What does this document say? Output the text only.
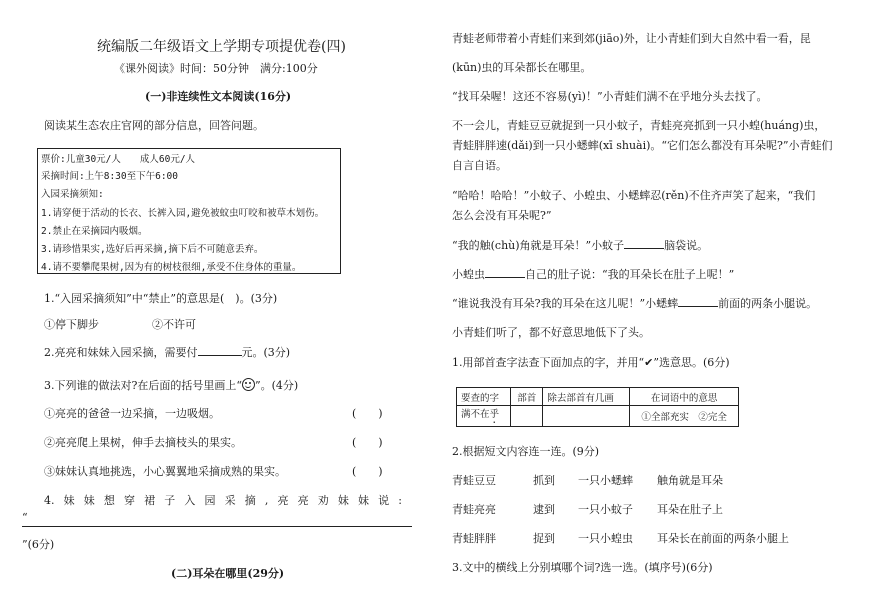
统编版二年级语文上学期专项提优卷(四)
《课外阅读》时间：50分钟　满分:100分
(一)非连续性文本阅读(16分)
阅读某生态农庄官网的部分信息，回答问题。
票价:儿童30元/人　　成人60元/人
采摘时间:上午8:30至下午6:00
入园采摘须知:
1.请穿便于活动的长衣、长裤入园,避免被蚊虫叮咬和被草木划伤。
2.禁止在采摘园内吸烟。
3.请珍惜果实,选好后再采摘,摘下后不可随意丢弃。
4.请不要攀爬果树,因为有的树枝很细,承受不住身体的重量。
1.“入园采摘须知”中“禁止”的意思是(　)。(3分)
①停下脚步	②不许可
2.亮亮和妹妹入园采摘，需要付	元。(3分)
3.下列谁的做法对?在后面的括号里画上“ ”。(4分)
①亮亮的爸爸一边采摘，一边吸烟。	(　　)
②亮亮爬上果树，伸手去摘枝头的果实。	(　　)
③妹妹认真地挑选，小心翼翼地采摘成熟的果实。	(　　)
4. 妹 妹 想 穿 裙 子 入 园 采 摘 , 亮 亮 劝 妹 妹 说 :
“
”(6分)
(二)耳朵在哪里(29分)
青蛙老师带着小青蛙们来到郊(jiāo)外，让小青蛙们到大自然中看一看，昆
(kūn)虫的耳朵都长在哪里。
“找耳朵喔！这还不容易(yì)！”小青蛙们满不在乎地分头去找了。
不一会儿，青蛙豆豆就捉到一只小蚊子，青蛙亮亮抓到一只小蝗(huáng)虫，
青蛙胖胖速(dǎi)到一只小蟋蟀(xī shuài)。“它们怎么都没有耳朵呢?”小青蛙们
自言自语。
“哈哈！哈哈！”小蚊子、小蝗虫、小蟋蟀忍(rěn)不住齐声笑了起来，“我们
怎么会没有耳朵呢?”
“我的触(chù)角就是耳朵！”小蚊子	脑袋说。
小蝗虫	自己的肚子说：“我的耳朵长在肚子上呢！”
“谁说我没有耳朵?我的耳朵在这儿呢！”小蟋蟀	前面的两条小腿说。
小青蛙们听了，都不好意思地低下了头。
1.用部首查字法查下面加点的字，并用“✔”选意思。(6分)
要查的字	部首	除去部首有几画	在词语中的意思
满不在乎			①全部充实　 ②完全
2.根据短文内容连一连。(9分)
青蛙豆豆	抓到 一只小蟋蟀 触角就是耳朵
青蛙亮亮	逮到 一只小蚊子 耳朵在肚子上
青蛙胖胖	捉到 一只小蝗虫 耳朵长在前面的两条小腿上
3.文中的横线上分别填哪个词?选一选。(填序号)(6分)
